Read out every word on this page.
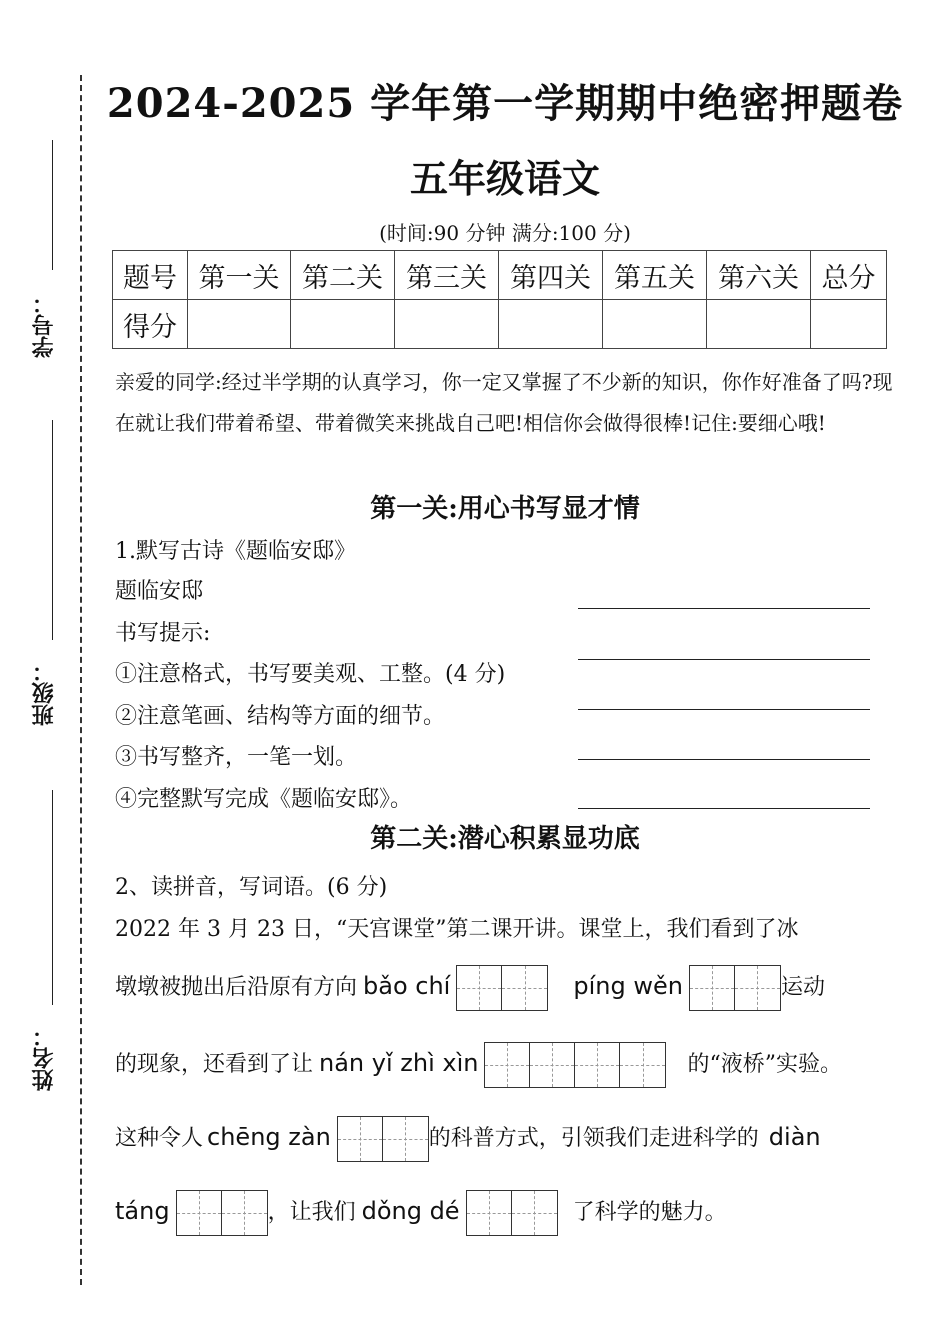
学号：
班级：
姓名：
2024-2025 学年第一学期期中绝密押题卷
五年级语文
(时间:90 分钟 满分:100 分)
题号	第一关	第二关	第三关	第四关	第五关	第六关	总分
得分							
亲爱的同学:经过半学期的认真学习，你一定又掌握了不少新的知识，你作好准备了吗?现在就让我们带着希望、带着微笑来挑战自己吧!相信你会做得很棒!记住:要细心哦!
第一关:用心书写显才情
1.默写古诗《题临安邸》
题临安邸
书写提示:
①注意格式，书写要美观、工整。(4 分)
②注意笔画、结构等方面的细节。
③书写整齐，一笔一划。
④完整默写完成《题临安邸》。
第二关:潜心积累显功底
2、读拼音，写词语。(6 分)
2022 年 3 月 23 日，“天宫课堂”第二课开讲。课堂上，我们看到了冰
墩墩被抛出后沿原有方向 bǎo chí	píng wěn	运动
的现象，还看到了让 nán yǐ zhì xìn	的“液桥”实验。
这种令人 chēng zàn	的科普方式，引领我们走进科学的 diàn
táng	，让我们 dǒng dé	了科学的魅力。
